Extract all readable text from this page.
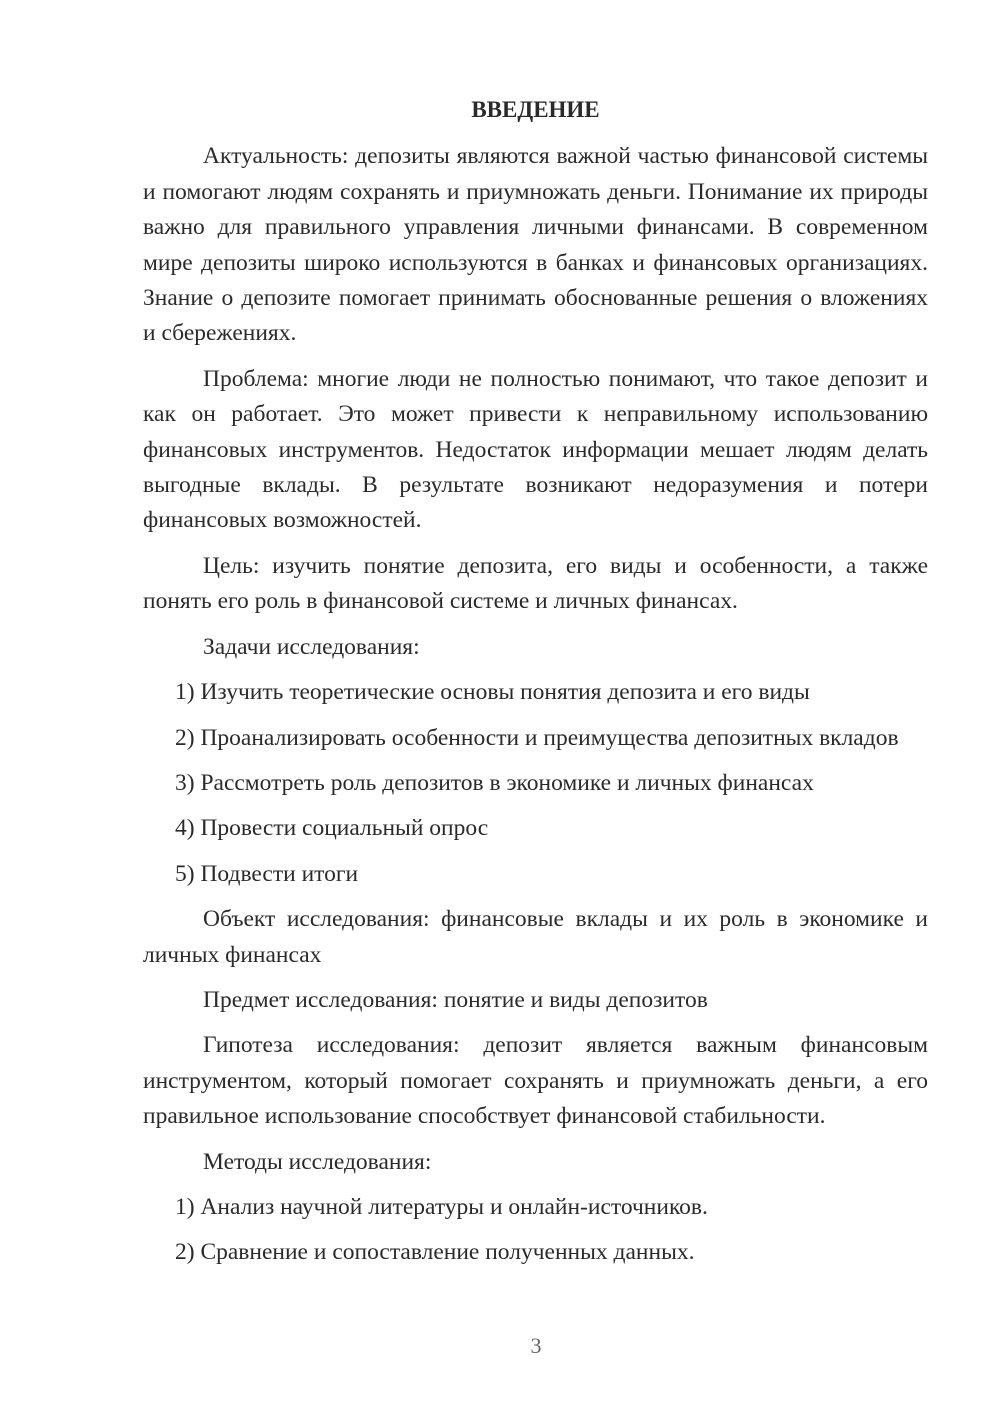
ВВЕДЕНИЕ

Актуальность: депозиты являются важной частью финансовой системы и помогают людям сохранять и приумножать деньги. Понимание их природы важно для правильного управления личными финансами. В современном мире депозиты широко используются в банках и финансовых организациях. Знание о депозите помогает принимать обоснованные решения о вложениях и сбережениях.

Проблема: многие люди не полностью понимают, что такое депозит и как он работает. Это может привести к неправильному использованию финансовых инструментов. Недостаток информации мешает людям делать выгодные вклады. В результате возникают недоразумения и потери финансовых возможностей.

Цель: изучить понятие депозита, его виды и особенности, а также понять его роль в финансовой системе и личных финансах.

Задачи исследования:

1) Изучить теоретические основы понятия депозита и его виды

2) Проанализировать особенности и преимущества депозитных вкладов

3) Рассмотреть роль депозитов в экономике и личных финансах

4) Провести социальный опрос

5) Подвести итоги

Объект исследования: финансовые вклады и их роль в экономике и личных финансах

Предмет исследования: понятие и виды депозитов

Гипотеза исследования: депозит является важным финансовым инструментом, который помогает сохранять и приумножать деньги, а его правильное использование способствует финансовой стабильности.

Методы исследования:

1) Анализ научной литературы и онлайн-источников.

2) Сравнение и сопоставление полученных данных.

3
